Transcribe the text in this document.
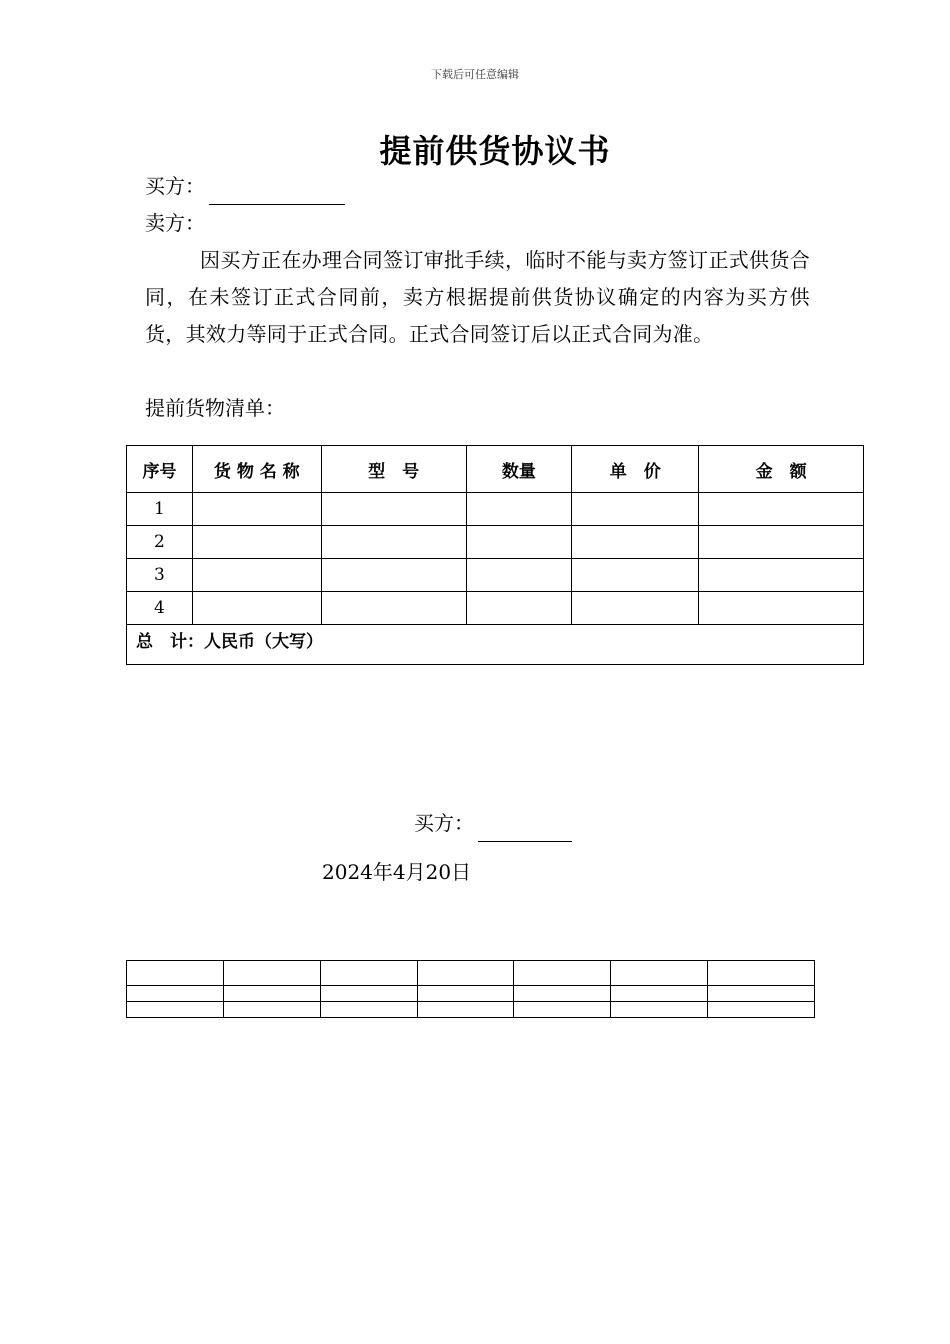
下载后可任意编辑
提前供货协议书
买方：
卖方：
因买方正在办理合同签订审批手续，临时不能与卖方签订正式供货合同，在未签订正式合同前，卖方根据提前供货协议确定的内容为买方供货，其效力等同于正式合同。正式合同签订后以正式合同为准。
提前货物清单：
序号	货 物 名 称	型　号	数量	单　价	金　额
1					
2					
3					
4					
总　计：人民币（大写）					
买方：
2024年4月20日
